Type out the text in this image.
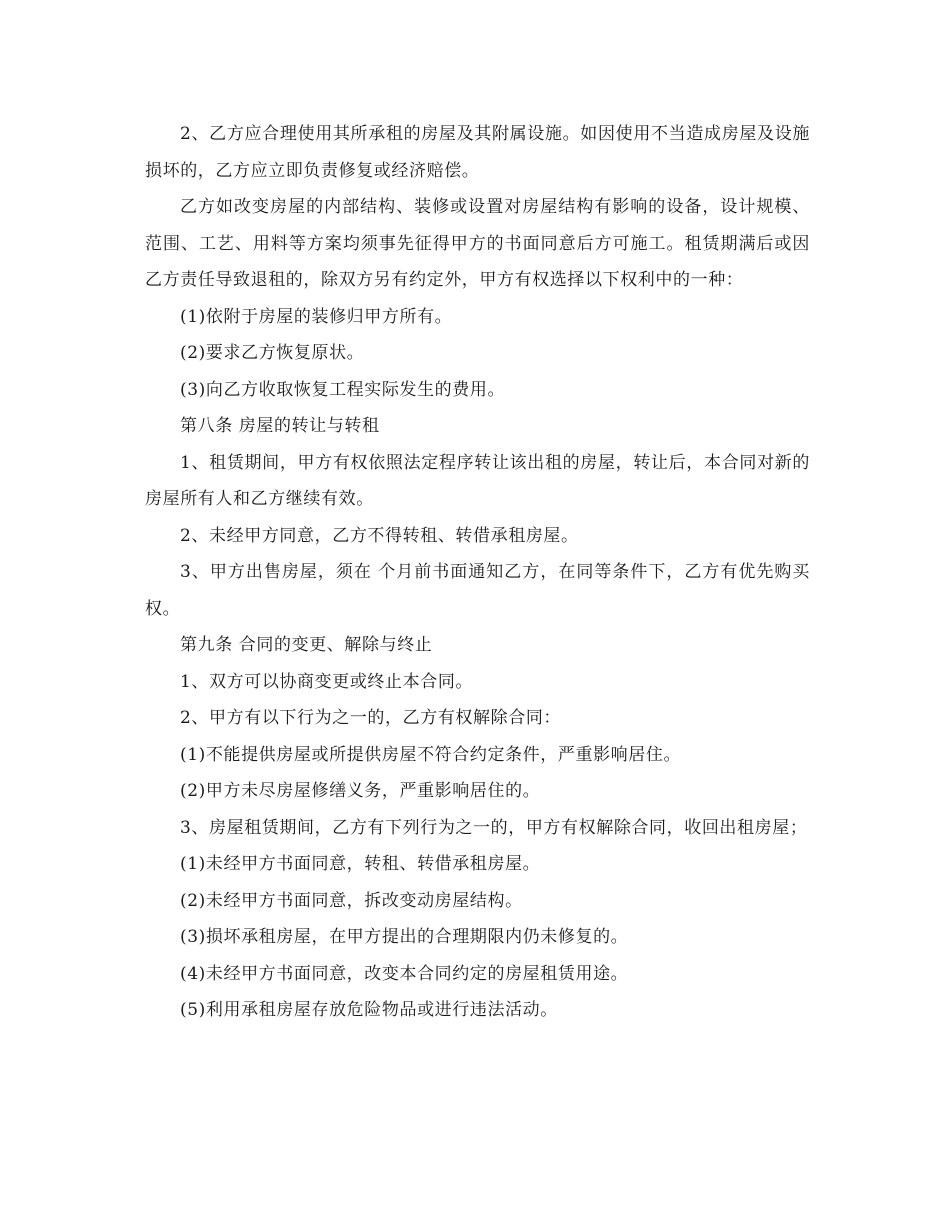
2、乙方应合理使用其所承租的房屋及其附属设施。如因使用不当造成房屋及设施损坏的，乙方应立即负责修复或经济赔偿。

乙方如改变房屋的内部结构、装修或设置对房屋结构有影响的设备，设计规模、范围、工艺、用料等方案均须事先征得甲方的书面同意后方可施工。租赁期满后或因乙方责任导致退租的，除双方另有约定外，甲方有权选择以下权利中的一种：

(1)依附于房屋的装修归甲方所有。

(2)要求乙方恢复原状。

(3)向乙方收取恢复工程实际发生的费用。

第八条 房屋的转让与转租

1、租赁期间，甲方有权依照法定程序转让该出租的房屋，转让后，本合同对新的房屋所有人和乙方继续有效。

2、未经甲方同意，乙方不得转租、转借承租房屋。

3、甲方出售房屋，须在 个月前书面通知乙方，在同等条件下，乙方有优先购买权。

第九条 合同的变更、解除与终止

1、双方可以协商变更或终止本合同。

2、甲方有以下行为之一的，乙方有权解除合同：

(1)不能提供房屋或所提供房屋不符合约定条件，严重影响居住。

(2)甲方未尽房屋修缮义务，严重影响居住的。

3、房屋租赁期间，乙方有下列行为之一的，甲方有权解除合同，收回出租房屋；

(1)未经甲方书面同意，转租、转借承租房屋。

(2)未经甲方书面同意，拆改变动房屋结构。

(3)损坏承租房屋，在甲方提出的合理期限内仍未修复的。

(4)未经甲方书面同意，改变本合同约定的房屋租赁用途。

(5)利用承租房屋存放危险物品或进行违法活动。
